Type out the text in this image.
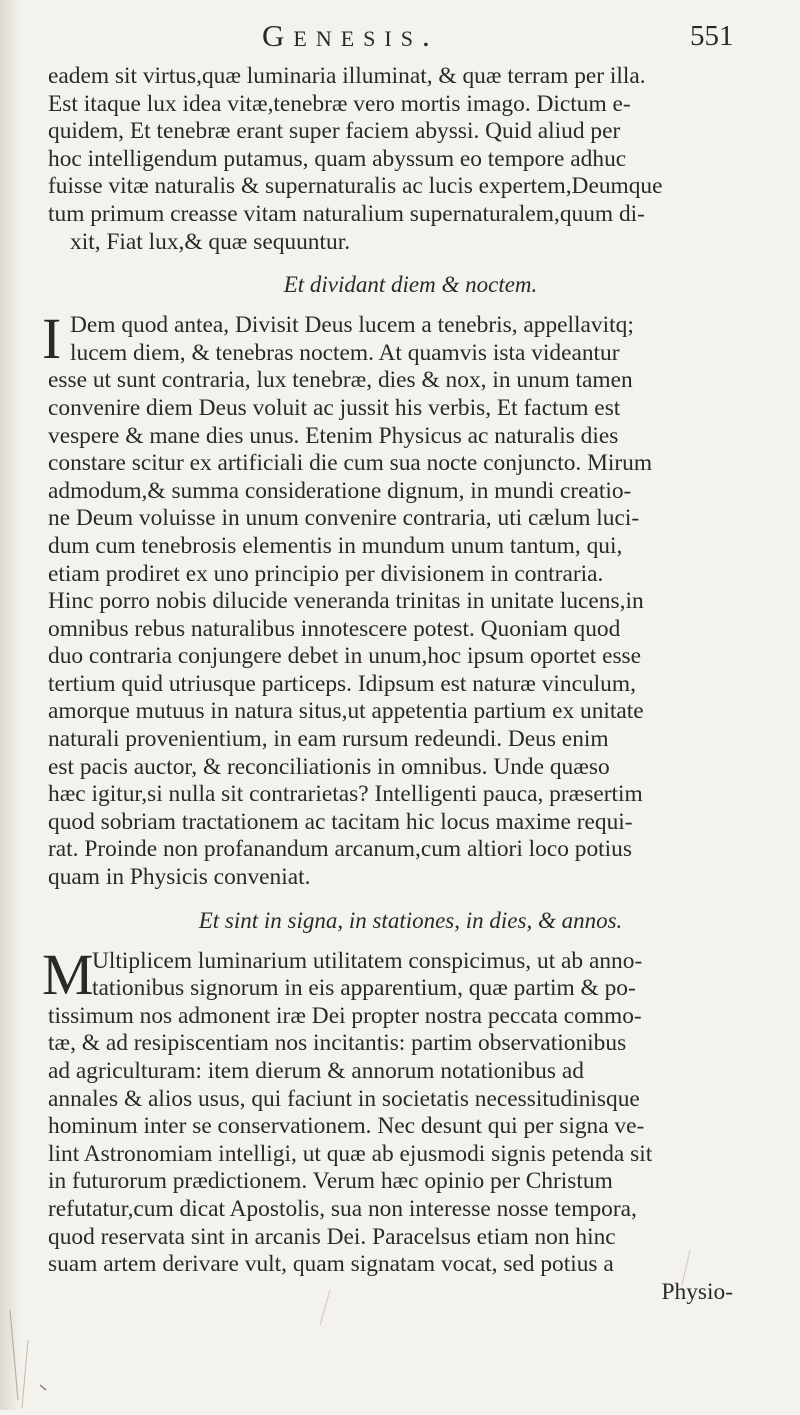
Genesis.	551
eadem sit virtus,quæ luminaria illuminat, & quæ terram per illa.
Est itaque lux idea vitæ,tenebræ vero mortis imago. Dictum e-
quidem, Et tenebræ erant super faciem abyssi. Quid aliud per
hoc intelligendum putamus, quam abyssum eo tempore adhuc
fuisse vitæ naturalis & supernaturalis ac lucis expertem,Deumque
tum primum creasse vitam naturalium supernaturalem,quum di-
xit, Fiat lux,& quæ sequuntur.
Et dividant diem & noctem.
I Dem quod antea, Divisit Deus lucem a tenebris, appellavitq;
lucem diem, & tenebras noctem. At quamvis ista videantur
esse ut sunt contraria, lux tenebræ, dies & nox, in unum tamen
convenire diem Deus voluit ac jussit his verbis, Et factum est
vespere & mane dies unus. Etenim Physicus ac naturalis dies
constare scitur ex artificiali die cum sua nocte conjuncto. Mirum
admodum,& summa consideratione dignum, in mundi creatio-
ne Deum voluisse in unum convenire contraria, uti cælum luci-
dum cum tenebrosis elementis in mundum unum tantum, qui,
etiam prodiret ex uno principio per divisionem in contraria.
Hinc porro nobis dilucide veneranda trinitas in unitate lucens,in
omnibus rebus naturalibus innotescere potest. Quoniam quod
duo contraria conjungere debet in unum,hoc ipsum oportet esse
tertium quid utriusque particeps. Idipsum est naturæ vinculum,
amorque mutuus in natura situs,ut appetentia partium ex unitate
naturali provenientium, in eam rursum redeundi. Deus enim
est pacis auctor, & reconciliationis in omnibus. Unde quæso
hæc igitur,si nulla sit contrarietas? Intelligenti pauca, præsertim
quod sobriam tractationem ac tacitam hic locus maxime requi-
rat. Proinde non profanandum arcanum,cum altiori loco potius
quam in Physicis conveniat.
Et sint in signa, in stationes, in dies, & annos.
M
Ultiplicem luminarium utilitatem conspicimus, ut ab anno-
tationibus signorum in eis apparentium, quæ partim & po-
tissimum nos admonent iræ Dei propter nostra peccata commo-
tæ, & ad resipiscentiam nos incitantis: partim observationibus
ad agriculturam: item dierum & annorum notationibus ad
annales & alios usus, qui faciunt in societatis necessitudinisque
hominum inter se conservationem. Nec desunt qui per signa ve-
lint Astronomiam intelligi, ut quæ ab ejusmodi signis petenda sit
in futurorum prædictionem. Verum hæc opinio per Christum
refutatur,cum dicat Apostolis, sua non interesse nosse tempora,
quod reservata sint in arcanis Dei. Paracelsus etiam non hinc
suam artem derivare vult, quam signatam vocat, sed potius a
Physio-
